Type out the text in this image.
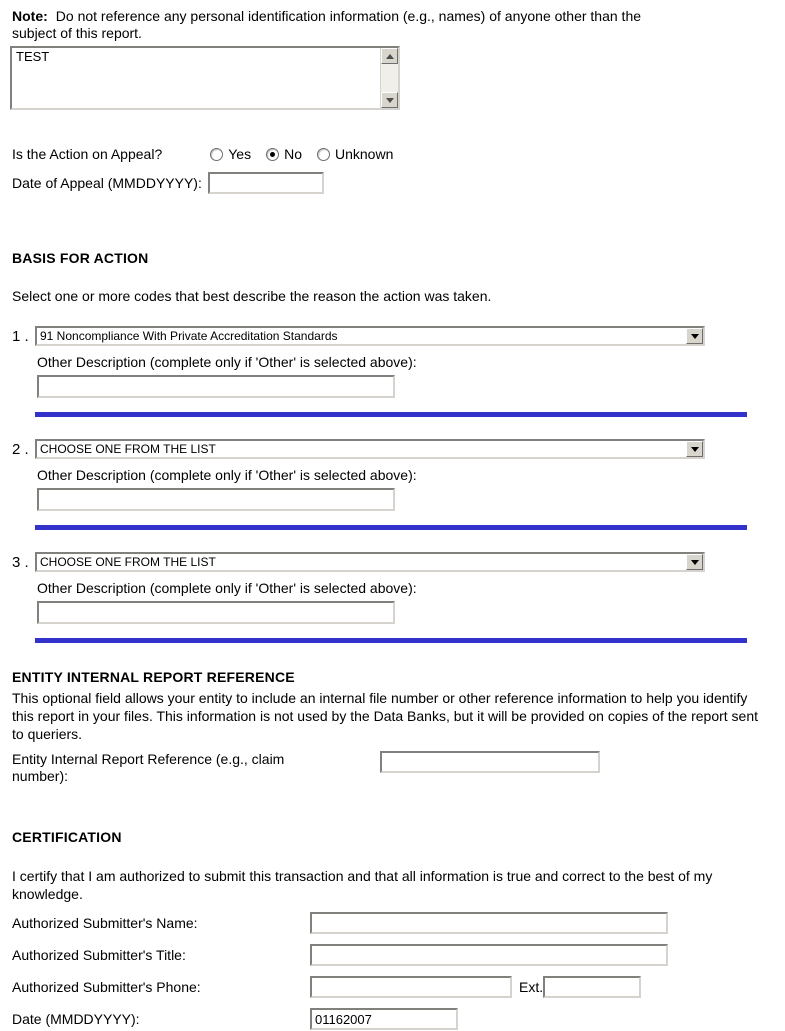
Note: Do not reference any personal identification information (e.g., names) of anyone other than the subject of this report.

TEST
Is the Action on Appeal?	Yes No Unknown
Date of Appeal (MMDDYYYY):
BASIS FOR ACTION

Select one or more codes that best describe the reason the action was taken.

1 . 91 Noncompliance With Private Accreditation Standards
Other Description (complete only if 'Other' is selected above):
2 . CHOOSE ONE FROM THE LIST
Other Description (complete only if 'Other' is selected above):
3 . CHOOSE ONE FROM THE LIST
Other Description (complete only if 'Other' is selected above):
ENTITY INTERNAL REPORT REFERENCE

This optional field allows your entity to include an internal file number or other reference information to help you identify this report in your files. This information is not used by the Data Banks, but it will be provided on copies of the report sent to queriers.

Entity Internal Report Reference (e.g., claim number):
CERTIFICATION

I certify that I am authorized to submit this transaction and that all information is true and correct to the best of my knowledge.

Authorized Submitter's Name:
Authorized Submitter's Title:
Authorized Submitter's Phone:	Ext.
Date (MMDDYYYY):
01162007
